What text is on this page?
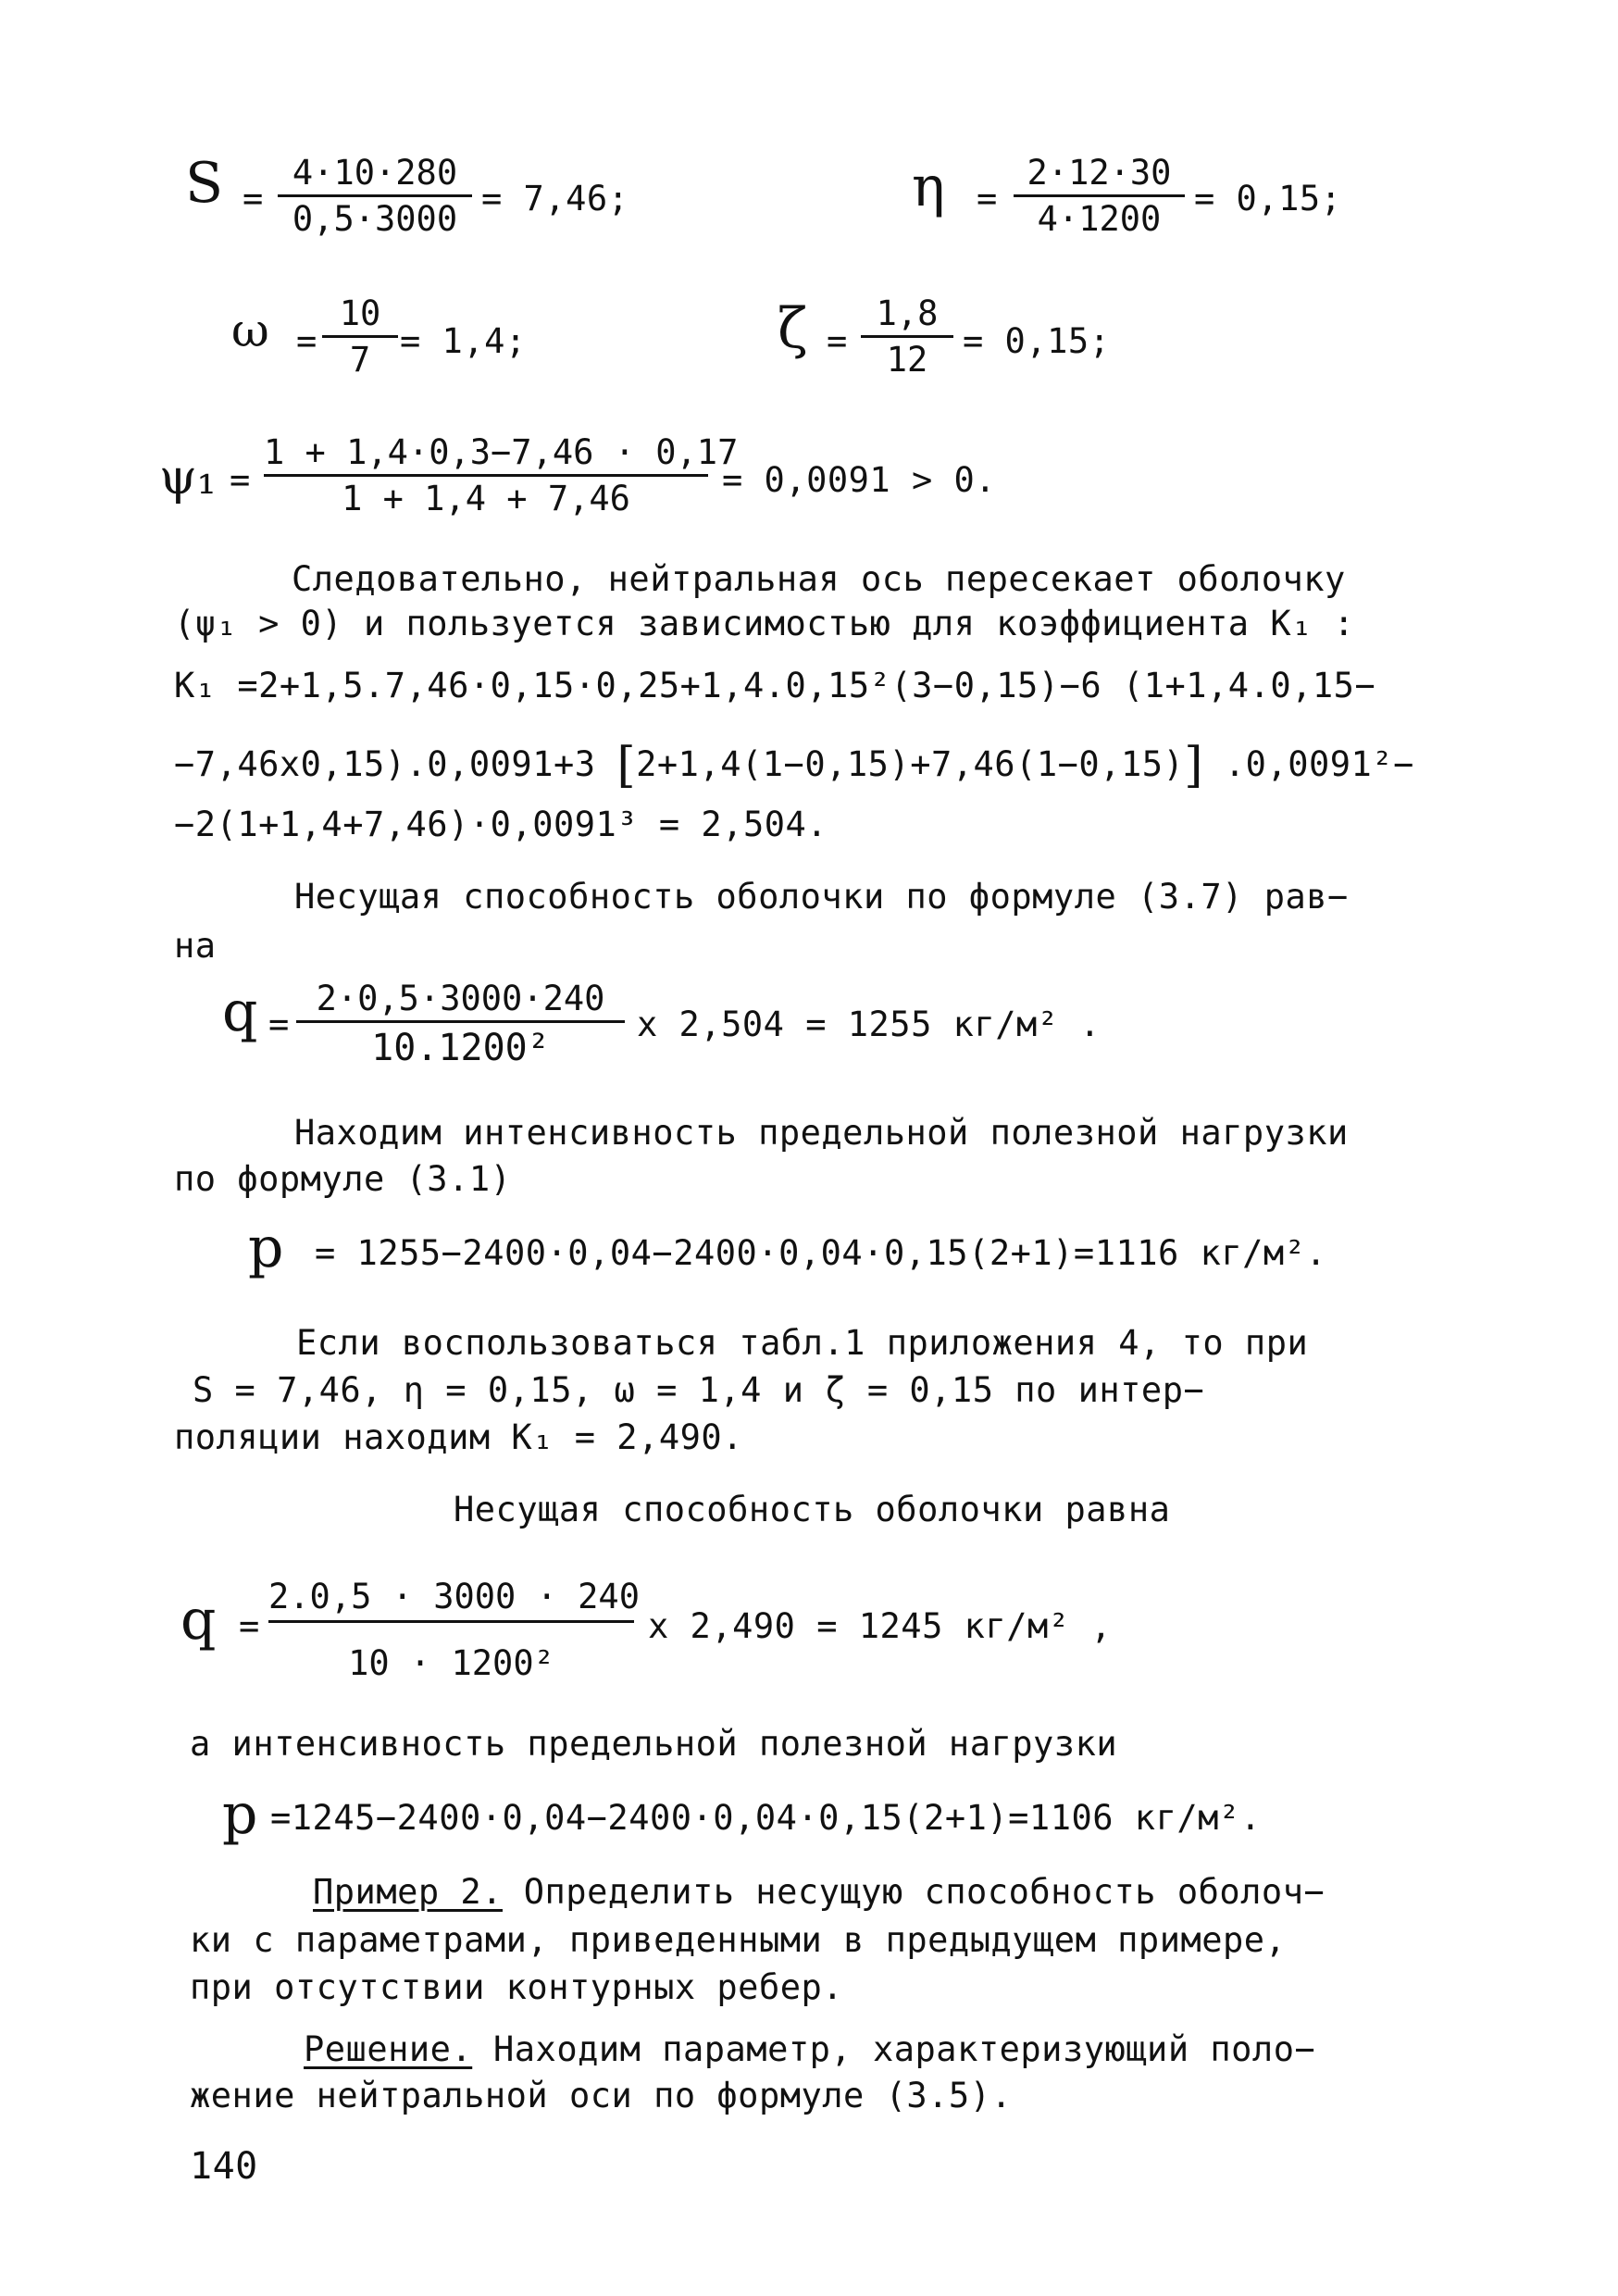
S =
4·10·280
0,5·3000
= 7,46;	η =
2·12·30
4·1200
= 0,15;
ω =
10
7 = 1,4;	ζ =
1,8
12	= 0,15;
ψ₁ =
1 + 1,4·0,3−7,46 · 0,17
1 + 1,4 + 7,46	= 0,0091 > 0.
Следовательно, нейтральная ось пересекает оболочку
(ψ₁ > 0) и пользуется зависимостью для коэффициента K₁ :
K₁ =2+1,5.7,46·0,15·0,25+1,4.0,15²(3−0,15)−6 (1+1,4.0,15−
−7,46x0,15).0,0091+3 [2+1,4(1−0,15)+7,46(1−0,15)] .0,0091²−
−2(1+1,4+7,46)·0,0091³ = 2,504.
Несущая способность оболочки по формуле (3.7) рав−
на
q =
2·0,5·3000·240
10.1200²
x 2,504 = 1255 кг/м² .
Находим интенсивность предельной полезной нагрузки
по формуле (3.1)
p = 1255−2400·0,04−2400·0,04·0,15(2+1)=1116 кг/м².
Если воспользоваться табл.1 приложения 4, то при
S = 7,46, η = 0,15, ω = 1,4 и ζ = 0,15 по интер−
поляции находим K₁ = 2,490.
Несущая способность оболочки равна
q =
2.0,5 · 3000 · 240
10 · 1200²
x 2,490 = 1245 кг/м² ,
а интенсивность предельной полезной нагрузки
p =1245−2400·0,04−2400·0,04·0,15(2+1)=1106 кг/м².
Пример 2. Определить несущую способность оболоч−
ки с параметрами, приведенными в предыдущем примере,
при отсутствии контурных ребер.
Решение. Находим параметр, характеризующий поло−
жение нейтральной оси по формуле (3.5).
140
